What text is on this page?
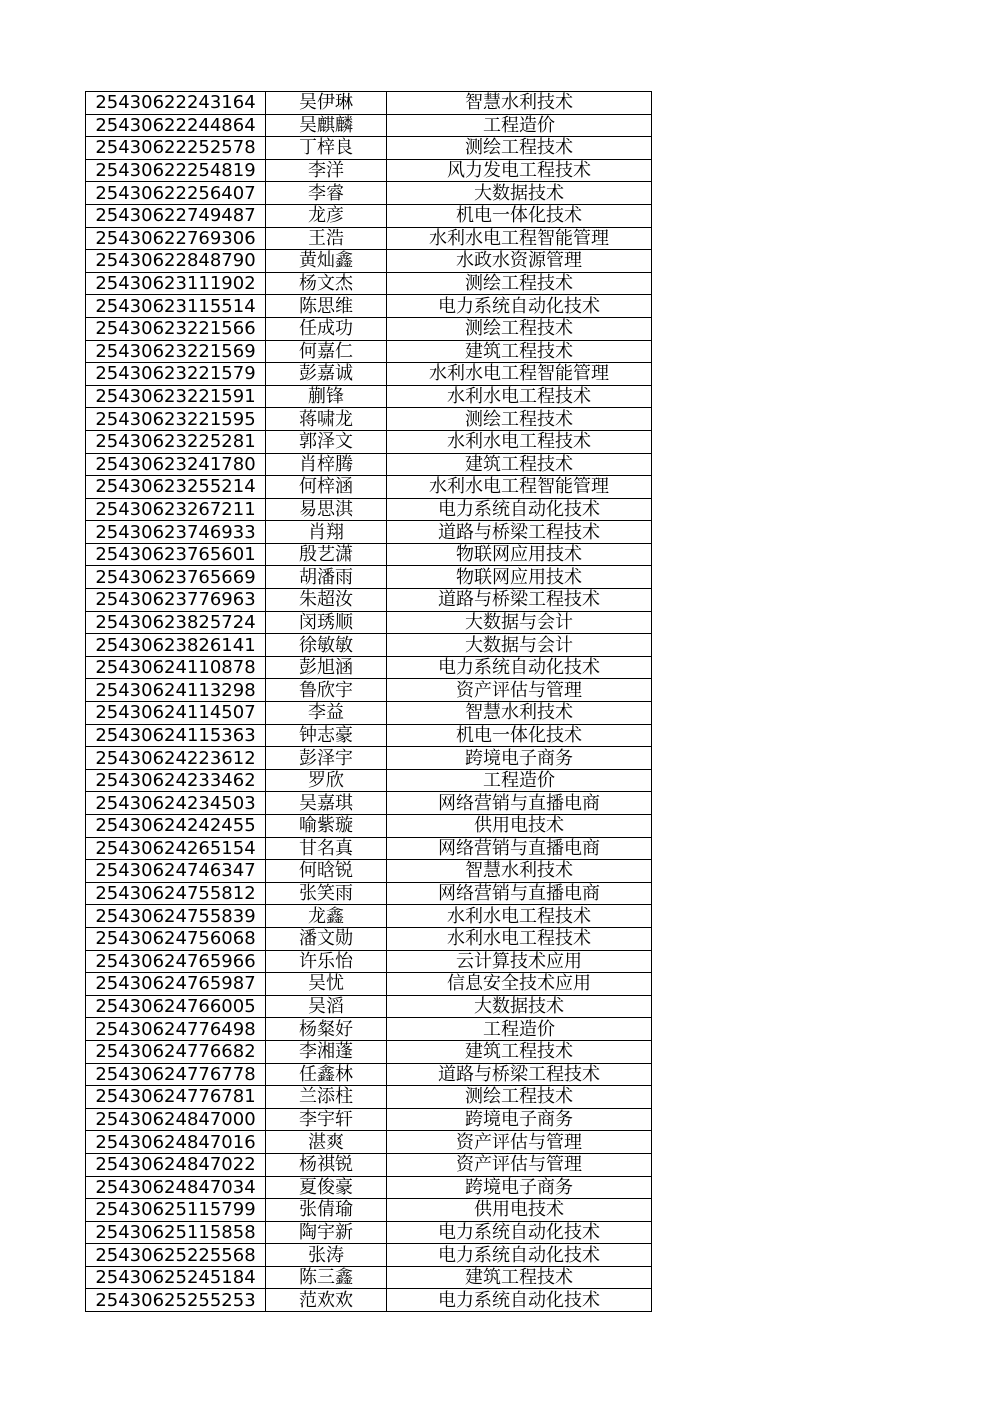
25430622243164	吴伊琳	智慧水利技术
25430622244864	吴麒麟	工程造价
25430622252578	丁梓良	测绘工程技术
25430622254819	李洋	风力发电工程技术
25430622256407	李睿	大数据技术
25430622749487	龙彦	机电一体化技术
25430622769306	王浩	水利水电工程智能管理
25430622848790	黄灿鑫	水政水资源管理
25430623111902	杨文杰	测绘工程技术
25430623115514	陈思维	电力系统自动化技术
25430623221566	任成功	测绘工程技术
25430623221569	何嘉仁	建筑工程技术
25430623221579	彭嘉诚	水利水电工程智能管理
25430623221591	蒯锋	水利水电工程技术
25430623221595	蒋啸龙	测绘工程技术
25430623225281	郭泽文	水利水电工程技术
25430623241780	肖梓腾	建筑工程技术
25430623255214	何梓涵	水利水电工程智能管理
25430623267211	易思淇	电力系统自动化技术
25430623746933	肖翔	道路与桥梁工程技术
25430623765601	殷艺潇	物联网应用技术
25430623765669	胡潘雨	物联网应用技术
25430623776963	朱超汝	道路与桥梁工程技术
25430623825724	闵琇顺	大数据与会计
25430623826141	徐敏敏	大数据与会计
25430624110878	彭旭涵	电力系统自动化技术
25430624113298	鲁欣宇	资产评估与管理
25430624114507	李益	智慧水利技术
25430624115363	钟志豪	机电一体化技术
25430624223612	彭泽宇	跨境电子商务
25430624233462	罗欣	工程造价
25430624234503	吴嘉琪	网络营销与直播电商
25430624242455	喻紫璇	供用电技术
25430624265154	甘名真	网络营销与直播电商
25430624746347	何晗锐	智慧水利技术
25430624755812	张笑雨	网络营销与直播电商
25430624755839	龙鑫	水利水电工程技术
25430624756068	潘文勋	水利水电工程技术
25430624765966	许乐怡	云计算技术应用
25430624765987	吴忧	信息安全技术应用
25430624766005	吴滔	大数据技术
25430624776498	杨粲好	工程造价
25430624776682	李湘蓬	建筑工程技术
25430624776778	任鑫林	道路与桥梁工程技术
25430624776781	兰添柱	测绘工程技术
25430624847000	李宇轩	跨境电子商务
25430624847016	湛爽	资产评估与管理
25430624847022	杨祺锐	资产评估与管理
25430624847034	夏俊豪	跨境电子商务
25430625115799	张倩瑜	供用电技术
25430625115858	陶宇新	电力系统自动化技术
25430625225568	张涛	电力系统自动化技术
25430625245184	陈三鑫	建筑工程技术
25430625255253	范欢欢	电力系统自动化技术
